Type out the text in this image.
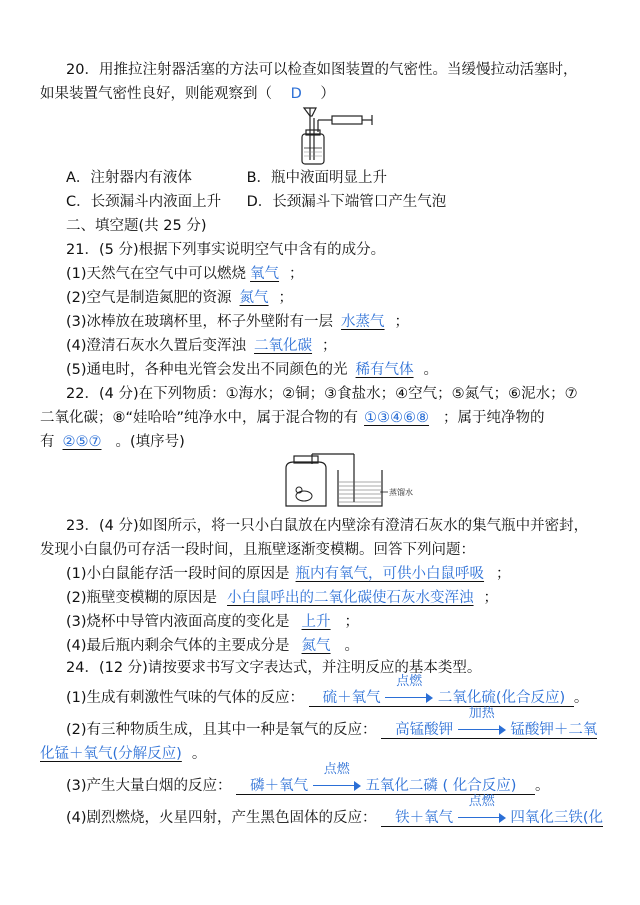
20．用推拉注射器活塞的方法可以检查如图装置的气密性。当缓慢拉动活塞时，
如果装置气密性良好，则能观察到（ D ）
A．注射器内有液体	B．瓶中液面明显上升
C．长颈漏斗内液面上升 D．长颈漏斗下端管口产生气泡
二、填空题(共 25 分)
21．(5 分)根据下列事实说明空气中含有的成分。
(1)天然气在空气中可以燃烧 氧气 ；
(2)空气是制造氮肥的资源 氮气 ；
(3)冰棒放在玻璃杯里，杯子外壁附有一层 水蒸气 ；
(4)澄清石灰水久置后变浑浊 二氧化碳 ；
(5)通电时，各种电光管会发出不同颜色的光 稀有气体 。
22．(4 分)在下列物质：①海水；②铜；③食盐水；④空气；⑤氮气；⑥泥水；⑦
二氧化碳；⑧“娃哈哈”纯净水中，属于混合物的有 ①③④⑥⑧ ；属于纯净物的
有 ②⑤⑦ 。(填序号)
蒸馏水
23．(4 分)如图所示，将一只小白鼠放在内壁涂有澄清石灰水的集气瓶中并密封，
发现小白鼠仍可存活一段时间，且瓶壁逐渐变模糊。回答下列问题：
(1)小白鼠能存活一段时间的原因是 瓶内有氧气，可供小白鼠呼吸 ；
(2)瓶壁变模糊的原因是 小白鼠呼出的二氧化碳使石灰水变浑浊 ；
(3)烧杯中导管内液面高度的变化是 上升 ；
(4)最后瓶内剩余气体的主要成分是 氮气 。
24．(12 分)请按要求书写文字表达式，并注明反应的基本类型。
(1)生成有刺激性气味的气体的反应： 硫＋氧气
点燃
二氧化硫(化合反应) 。
(2)有三种物质生成，且其中一种是氧气的反应： 高锰酸钾
加热
锰酸钾＋二氧
化锰＋氧气(分解反应) 。
(3)产生大量白烟的反应： 磷＋氧气
点燃
五氧化二磷 ( 化合反应) 。
(4)剧烈燃烧，火星四射，产生黑色固体的反应： 铁＋氧气
点燃
四氧化三铁(化
